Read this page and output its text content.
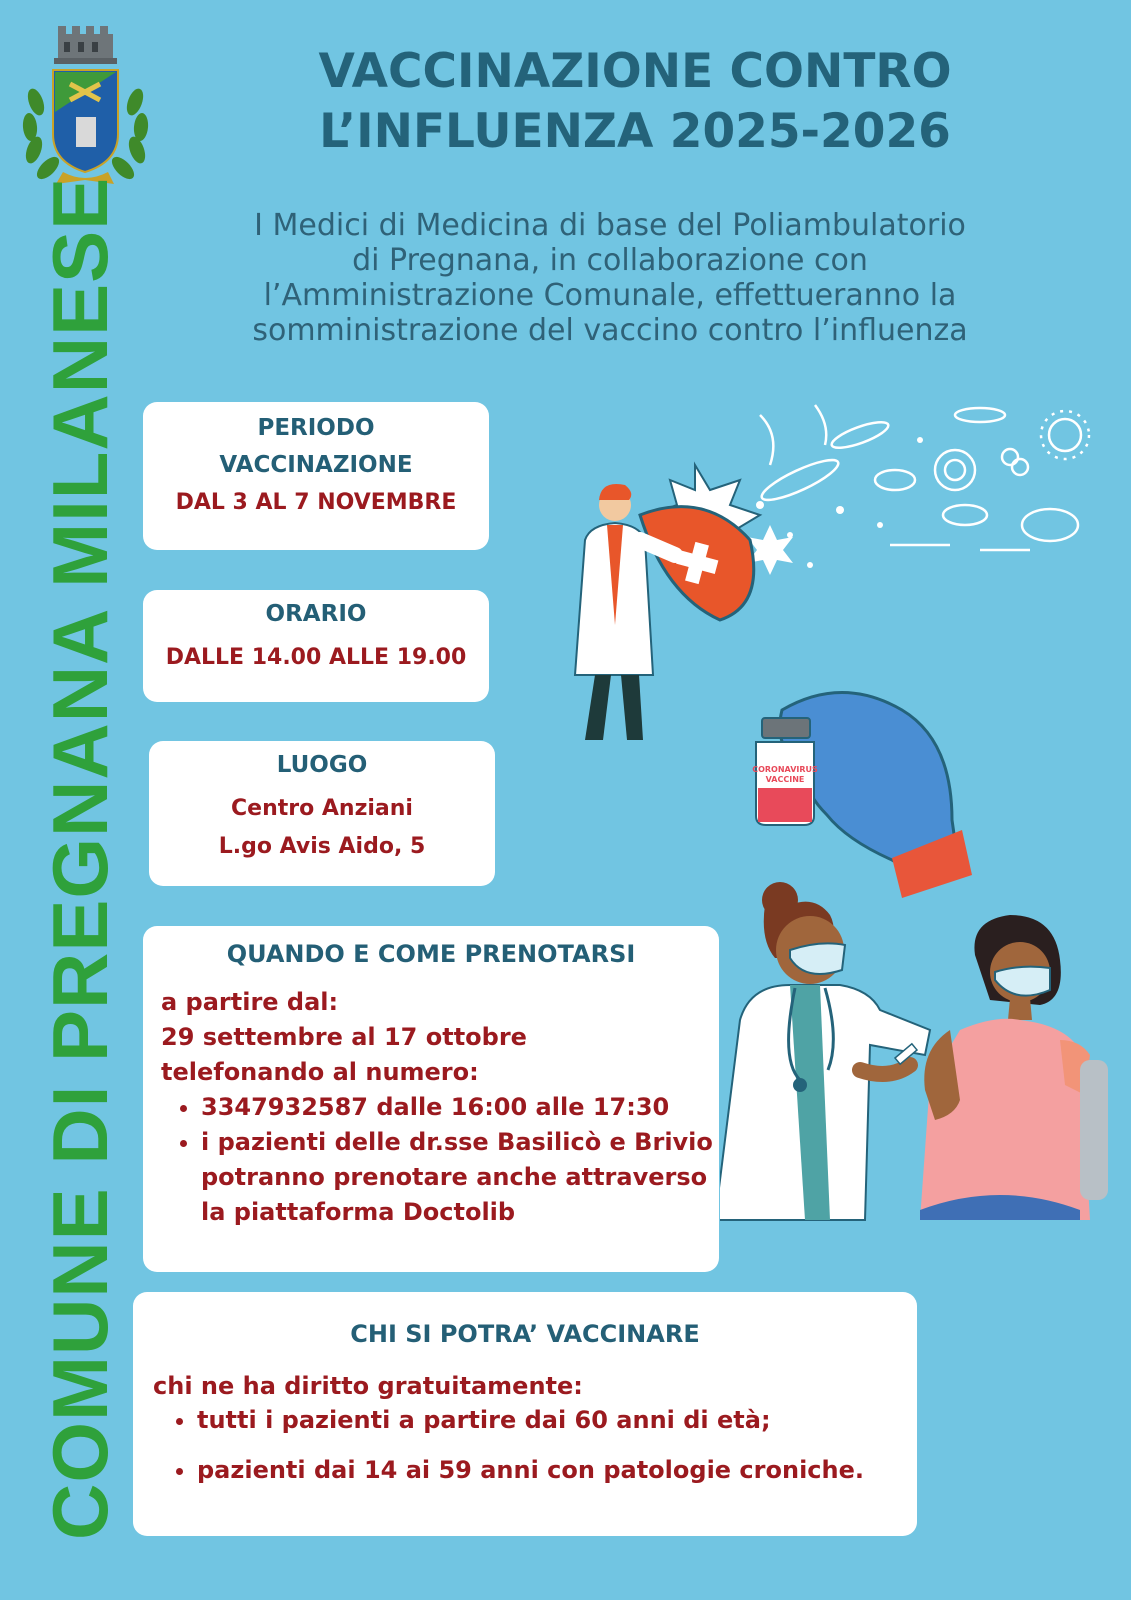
COMUNE DI PREGNANA MILANESE
VACCINAZIONE CONTRO
L’INFLUENZA 2025-2026
I Medici di Medicina di base del Poliambulatorio
di Pregnana, in collaborazione con
l’Amministrazione Comunale, effettueranno la
somministrazione del vaccino contro l’influenza
PERIODO
VACCINAZIONE
DAL 3 AL 7 NOVEMBRE
ORARIO
DALLE 14.00 ALLE 19.00
LUOGO
Centro Anziani
L.go Avis Aido, 5
QUANDO E COME PRENOTARSI
a partire dal:
29 settembre al 17 ottobre
telefonando al numero:
• 3347932587 dalle 16:00 alle 17:30
• i pazienti delle dr.sse Basilicò e Brivio potranno prenotare anche attraverso la piattaforma Doctolib
CHI SI POTRA’ VACCINARE
chi ne ha diritto gratuitamente:
• tutti i pazienti a partire dai 60 anni di età;
• pazienti dai 14 ai 59 anni con patologie croniche.
CORONAVIRUS
VACCINE
